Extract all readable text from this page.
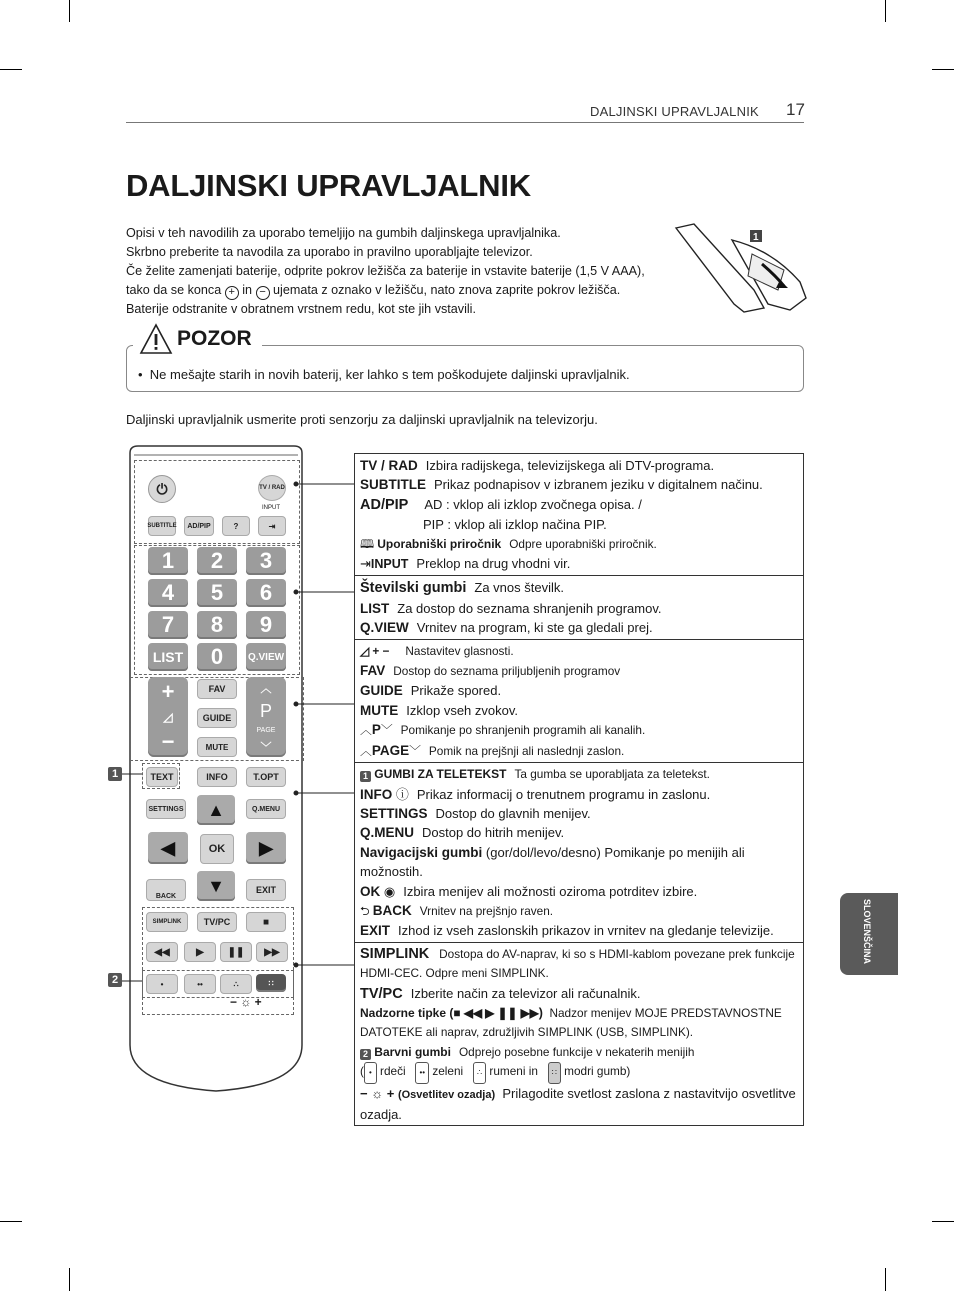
DALJINSKI UPRAVLJALNIK 17
DALJINSKI UPRAVLJALNIK
Opisi v teh navodilih za uporabo temeljijo na gumbih daljinskega upravljalnika.
Skrbno preberite ta navodila za uporabo in pravilno uporabljajte televizor.
Če želite zamenjati baterije, odprite pokrov ležišča za baterije in vstavite baterije (1,5 V AAA),
tako da se konca + in − ujemata z oznako v ležišču, nato znova zaprite pokrov ležišča.
Baterije odstranite v obratnem vrstnem redu, kot ste jih vstavili.
1
POZOR
• Ne mešajte starih in novih baterij, ker lahko s tem poškodujete daljinski upravljalnik.
Daljinski upravljalnik usmerite proti senzorju za daljinski upravljalnik na televizorju.
⏻	TV / RAD
SUBTITLE	AD/PIP	?	⇥
INPUT
1	2	3
4	5	6
7	8	9
LIST	0	Q.VIEW
+
◿
−
FAV
GUIDE
MUTE
︿
P
PAGE
﹀
TEXT	INFO	T.OPT
SETTINGS	Q.MENU
▲
◀	OK	▶
▼
BACK
EXIT
SIMPLINK	TV/PC	■
◀◀	▶	❚❚	▶▶
•	••	∴	∷
− ☼ +
1
2
TV / RAD Izbira radijskega, televizijskega ali DTV-programa.
SUBTITLE Prikaz podnapisov v izbranem jeziku v digitalnem načinu.
AD/PIP AD : vklop ali izklop zvočnega opisa. /
PIP : vklop ali izklop načina PIP.
🕮 Uporabniški priročnik Odpre uporabniški priročnik.
⇥INPUT Preklop na drug vhodni vir.
Številski gumbi Za vnos številk.
LIST Za dostop do seznama shranjenih programov.
Q.VIEW Vrnitev na program, ki ste ga gledali prej.
◿ + − Nastavitev glasnosti.
FAV Dostop do seznama priljubljenih programov
GUIDE Prikaže spored.
MUTE Izklop vseh zvokov.
︿P﹀ Pomikanje po shranjenih programih ali kanalih.
︿PAGE﹀ Pomik na prejšnji ali naslednji zaslon.
1 GUMBI ZA TELETEKST Ta gumba se uporabljata za teletekst.
INFO ⓘ Prikaz informacij o trenutnem programu in zaslonu.
SETTINGS Dostop do glavnih menijev.
Q.MENU Dostop do hitrih menijev.
Navigacijski gumbi (gor/dol/levo/desno) Pomikanje po menijih ali možnostih.
OK ◉ Izbira menijev ali možnosti oziroma potrditev izbire.
⮌ BACK Vrnitev na prejšnjo raven.
EXIT Izhod iz vseh zaslonskih prikazov in vrnitev na gledanje televizije.
SIMPLINK Dostopa do AV-naprav, ki so s HDMI-kablom povezane prek funkcije HDMI-CEC. Odpre meni SIMPLINK.
TV/PC Izberite način za televizor ali računalnik.
Nadzorne tipke (■ ◀◀ ▶ ❚❚ ▶▶) Nadzor menijev MOJE PREDSTAVNOSTNE DATOTEKE ali naprav, združljivih SIMPLINK (USB, SIMPLINK).
2 Barvni gumbi Odprejo posebne funkcije v nekaterih menijih
( • rdeči •• zeleni ∴ rumeni in ∷ modri gumb)
− ☼ + (Osvetlitev ozadja) Prilagodite svetlost zaslona z nastavitvijo osvetlitve ozadja.
SLOVENŠČINA
